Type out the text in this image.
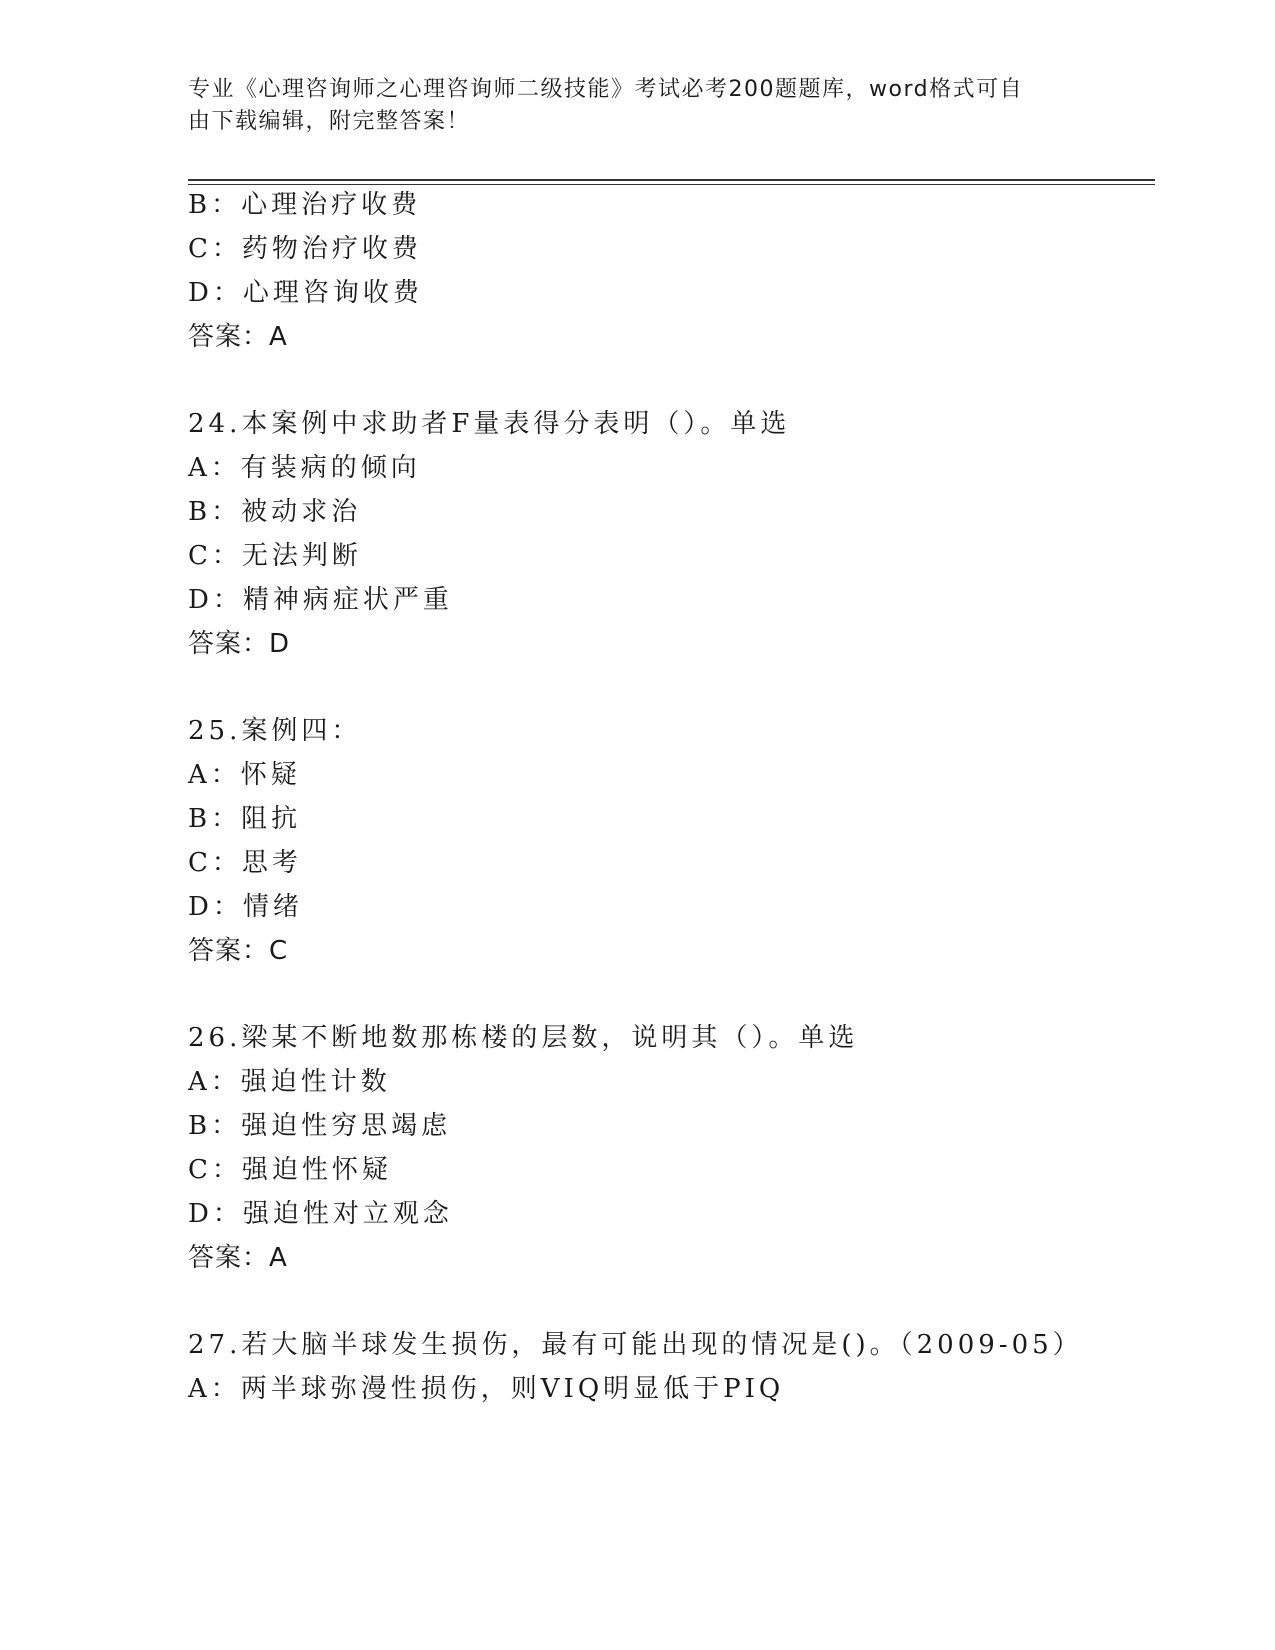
专业《心理咨询师之心理咨询师二级技能》考试必考200题题库，word格式可自
由下载编辑，附完整答案！
B：心理治疗收费
C：药物治疗收费
D：心理咨询收费
答案：A
24.本案例中求助者F量表得分表明（）。单选
A：有装病的倾向
B：被动求治
C：无法判断
D：精神病症状严重
答案：D
25.案例四：
A：怀疑
B：阻抗
C：思考
D：情绪
答案：C
26.梁某不断地数那栋楼的层数，说明其（）。单选
A：强迫性计数
B：强迫性穷思竭虑
C：强迫性怀疑
D：强迫性对立观念
答案：A
27.若大脑半球发生损伤，最有可能出现的情况是()。（2009-05）
A：两半球弥漫性损伤，则VIQ明显低于PIQ
